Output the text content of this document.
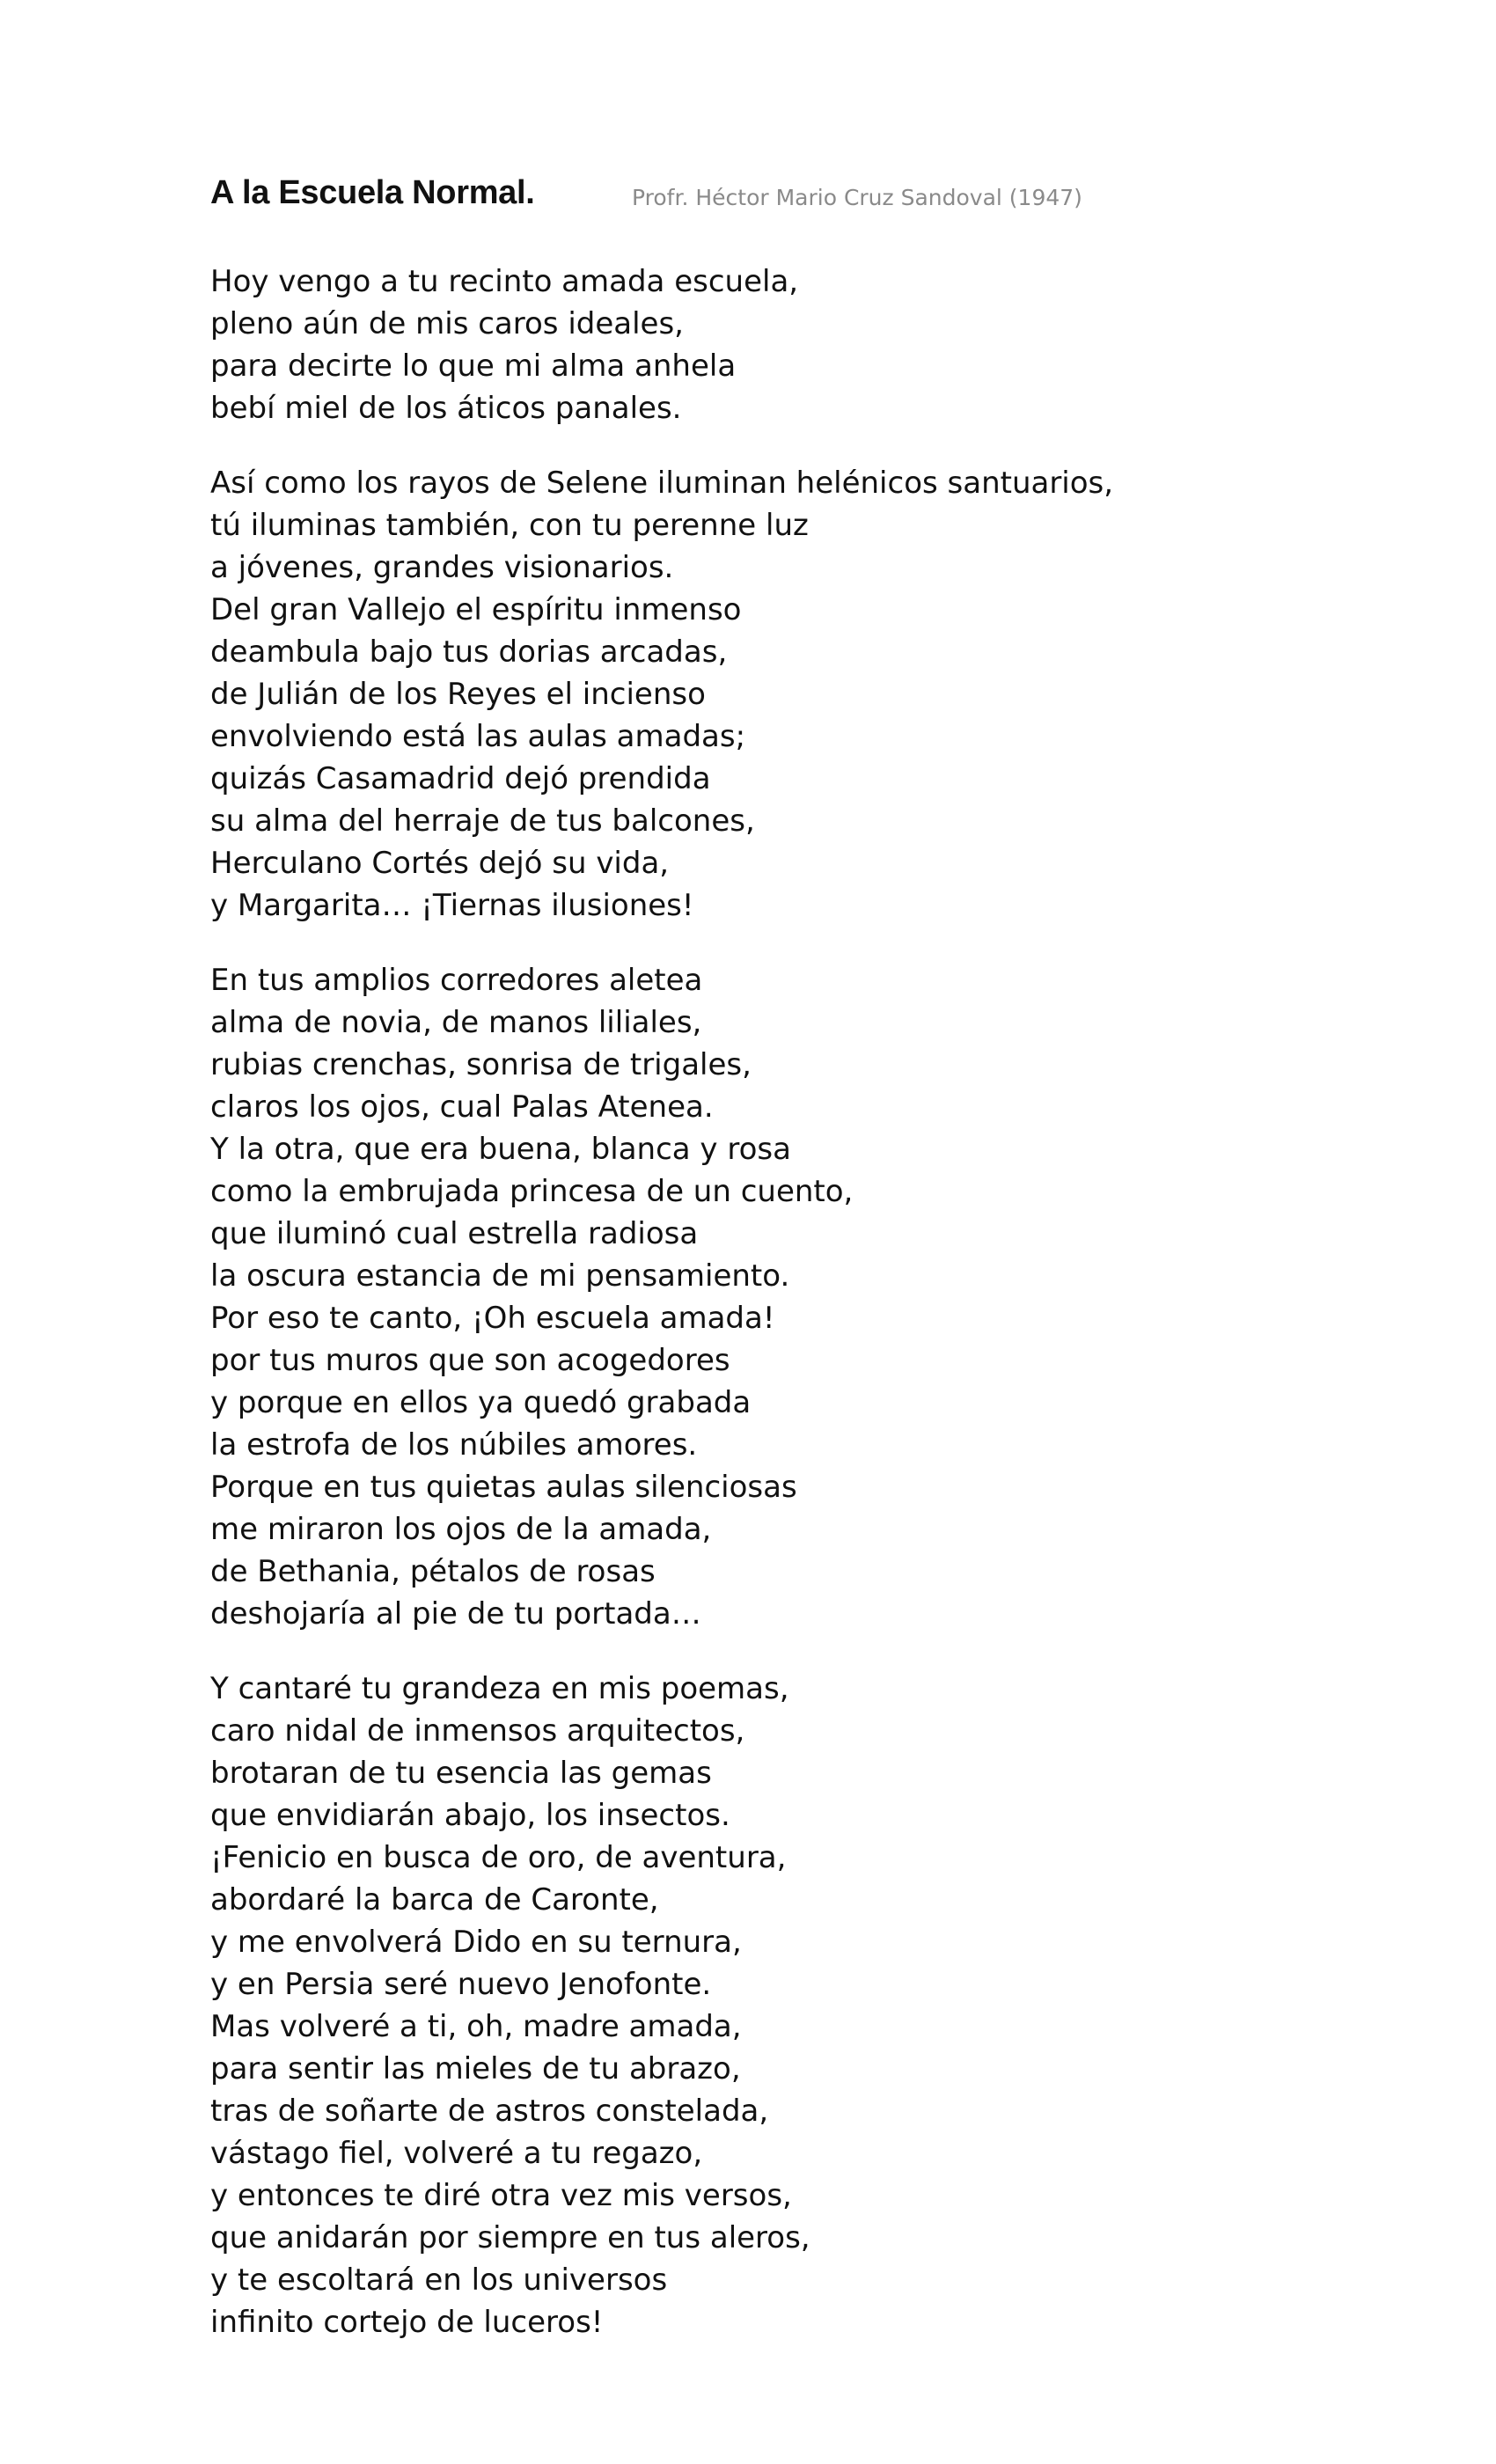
A la Escuela Normal.	Profr. Héctor Mario Cruz Sandoval (1947)
Hoy vengo a tu recinto amada escuela,
pleno aún de mis caros ideales,
para decirte lo que mi alma anhela
bebí miel de los áticos panales.
Así como los rayos de Selene iluminan helénicos santuarios,
tú iluminas también, con tu perenne luz
a jóvenes, grandes visionarios.
Del gran Vallejo el espíritu inmenso
deambula bajo tus dorias arcadas,
de Julián de los Reyes el incienso
envolviendo está las aulas amadas;
quizás Casamadrid dejó prendida
su alma del herraje de tus balcones,
Herculano Cortés dejó su vida,
y Margarita… ¡Tiernas ilusiones!
En tus amplios corredores aletea
alma de novia, de manos liliales,
rubias crenchas, sonrisa de trigales,
claros los ojos, cual Palas Atenea.
Y la otra, que era buena, blanca y rosa
como la embrujada princesa de un cuento,
que iluminó cual estrella radiosa
la oscura estancia de mi pensamiento.
Por eso te canto, ¡Oh escuela amada!
por tus muros que son acogedores
y porque en ellos ya quedó grabada
la estrofa de los núbiles amores.
Porque en tus quietas aulas silenciosas
me miraron los ojos de la amada,
de Bethania, pétalos de rosas
deshojaría al pie de tu portada…
Y cantaré tu grandeza en mis poemas,
caro nidal de inmensos arquitectos,
brotaran de tu esencia las gemas
que envidiarán abajo, los insectos.
¡Fenicio en busca de oro, de aventura,
abordaré la barca de Caronte,
y me envolverá Dido en su ternura,
y en Persia seré nuevo Jenofonte.
Mas volveré a ti, oh, madre amada,
para sentir las mieles de tu abrazo,
tras de soñarte de astros constelada,
vástago fiel, volveré a tu regazo,
y entonces te diré otra vez mis versos,
que anidarán por siempre en tus aleros,
y te escoltará en los universos
infinito cortejo de luceros!
